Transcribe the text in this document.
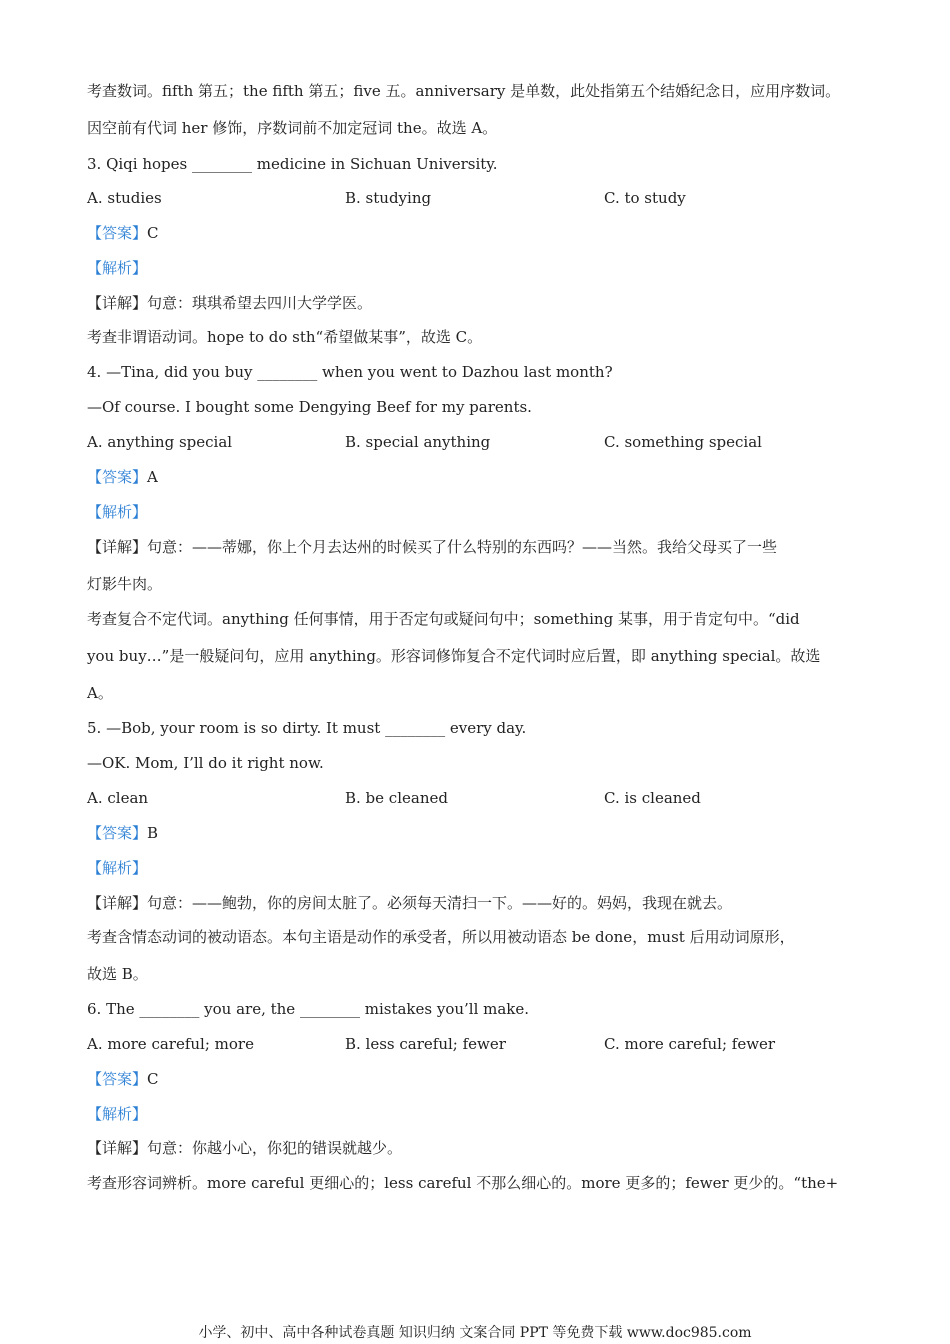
考查数词。fifth 第五；the fifth 第五；five 五。anniversary 是单数，此处指第五个结婚纪念日，应用序数词。
因空前有代词 her 修饰，序数词前不加定冠词 the。故选 A。
3. Qiqi hopes ________ medicine in Sichuan University.
A. studies	B. studying	C. to study
【答案】C
【解析】
【详解】句意：琪琪希望去四川大学学医。
考查非谓语动词。hope to do sth“希望做某事”，故选 C。
4. —Tina, did you buy ________ when you went to Dazhou last month?
—Of course. I bought some Dengying Beef for my parents.
A. anything special	B. special anything	C. something special
【答案】A
【解析】
【详解】句意：——蒂娜，你上个月去达州的时候买了什么特别的东西吗？——当然。我给父母买了一些
灯影牛肉。
考查复合不定代词。anything 任何事情，用于否定句或疑问句中；something 某事，用于肯定句中。“did
you buy…”是一般疑问句，应用 anything。形容词修饰复合不定代词时应后置，即 anything special。故选
A。
5. —Bob, your room is so dirty. It must ________ every day.
—OK. Mom, I’ll do it right now.
A. clean	B. be cleaned	C. is cleaned
【答案】B
【解析】
【详解】句意：——鲍勃，你的房间太脏了。必须每天清扫一下。——好的。妈妈，我现在就去。
考查含情态动词的被动语态。本句主语是动作的承受者，所以用被动语态 be done，must 后用动词原形，
故选 B。
6. The ________ you are, the ________ mistakes you’ll make.
A. more careful; more	B. less careful; fewer	C. more careful; fewer
【答案】C
【解析】
【详解】句意：你越小心，你犯的错误就越少。
考查形容词辨析。more careful 更细心的；less careful 不那么细心的。more 更多的；fewer 更少的。“the+
小学、初中、高中各种试卷真题 知识归纳 文案合同 PPT 等免费下载 www.doc985.com
